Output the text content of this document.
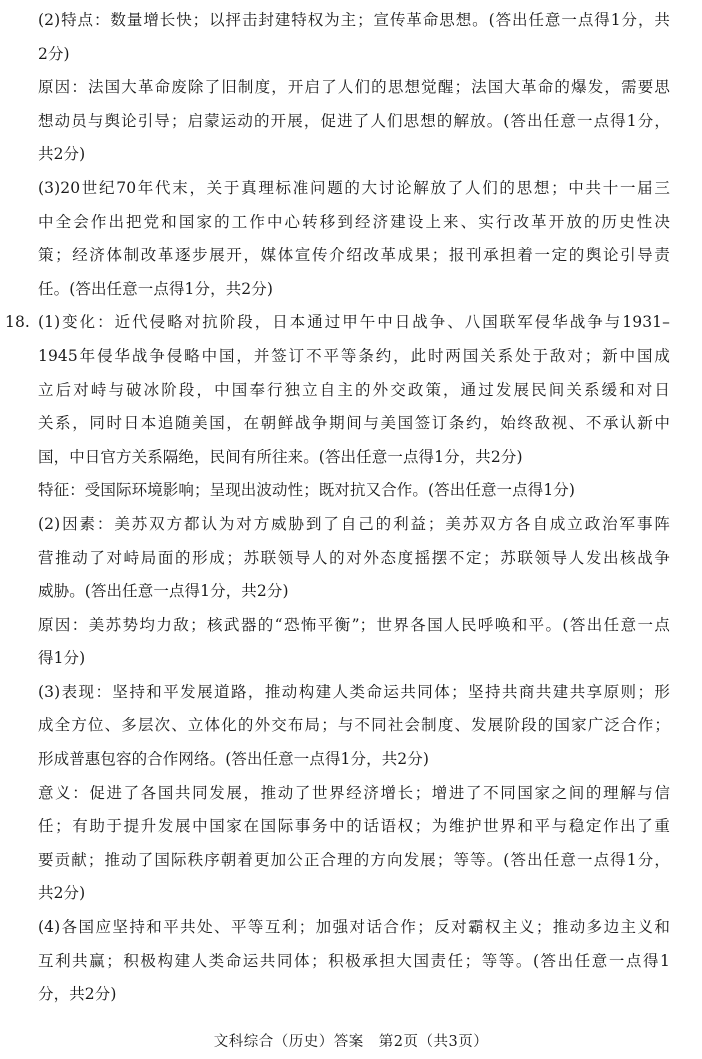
(2)特点：数量增长快；以抨击封建特权为主；宣传革命思想。(答出任意一点得1分，共
2分)
原因：法国大革命废除了旧制度，开启了人们的思想觉醒；法国大革命的爆发，需要思
想动员与舆论引导；启蒙运动的开展，促进了人们思想的解放。(答出任意一点得1分，
共2分)
(3)20世纪70年代末，关于真理标准问题的大讨论解放了人们的思想；中共十一届三
中全会作出把党和国家的工作中心转移到经济建设上来、实行改革开放的历史性决
策；经济体制改革逐步展开，媒体宣传介绍改革成果；报刊承担着一定的舆论引导责
任。(答出任意一点得1分，共2分)
18. (1)变化：近代侵略对抗阶段，日本通过甲午中日战争、八国联军侵华战争与1931–
1945年侵华战争侵略中国，并签订不平等条约，此时两国关系处于敌对；新中国成
立后对峙与破冰阶段，中国奉行独立自主的外交政策，通过发展民间关系缓和对日
关系，同时日本追随美国，在朝鲜战争期间与美国签订条约，始终敌视、不承认新中
国，中日官方关系隔绝，民间有所往来。(答出任意一点得1分，共2分)
特征：受国际环境影响；呈现出波动性；既对抗又合作。(答出任意一点得1分)
(2)因素：美苏双方都认为对方威胁到了自己的利益；美苏双方各自成立政治军事阵
营推动了对峙局面的形成；苏联领导人的对外态度摇摆不定；苏联领导人发出核战争
威胁。(答出任意一点得1分，共2分)
原因：美苏势均力敌；核武器的“恐怖平衡”；世界各国人民呼唤和平。(答出任意一点
得1分)
(3)表现：坚持和平发展道路，推动构建人类命运共同体；坚持共商共建共享原则；形
成全方位、多层次、立体化的外交布局；与不同社会制度、发展阶段的国家广泛合作；
形成普惠包容的合作网络。(答出任意一点得1分，共2分)
意义：促进了各国共同发展，推动了世界经济增长；增进了不同国家之间的理解与信
任；有助于提升发展中国家在国际事务中的话语权；为维护世界和平与稳定作出了重
要贡献；推动了国际秩序朝着更加公正合理的方向发展；等等。(答出任意一点得1分，
共2分)
(4)各国应坚持和平共处、平等互利；加强对话合作；反对霸权主义；推动多边主义和
互利共赢；积极构建人类命运共同体；积极承担大国责任；等等。(答出任意一点得1
分，共2分)
文科综合（历史）答案　第2页（共3页）
